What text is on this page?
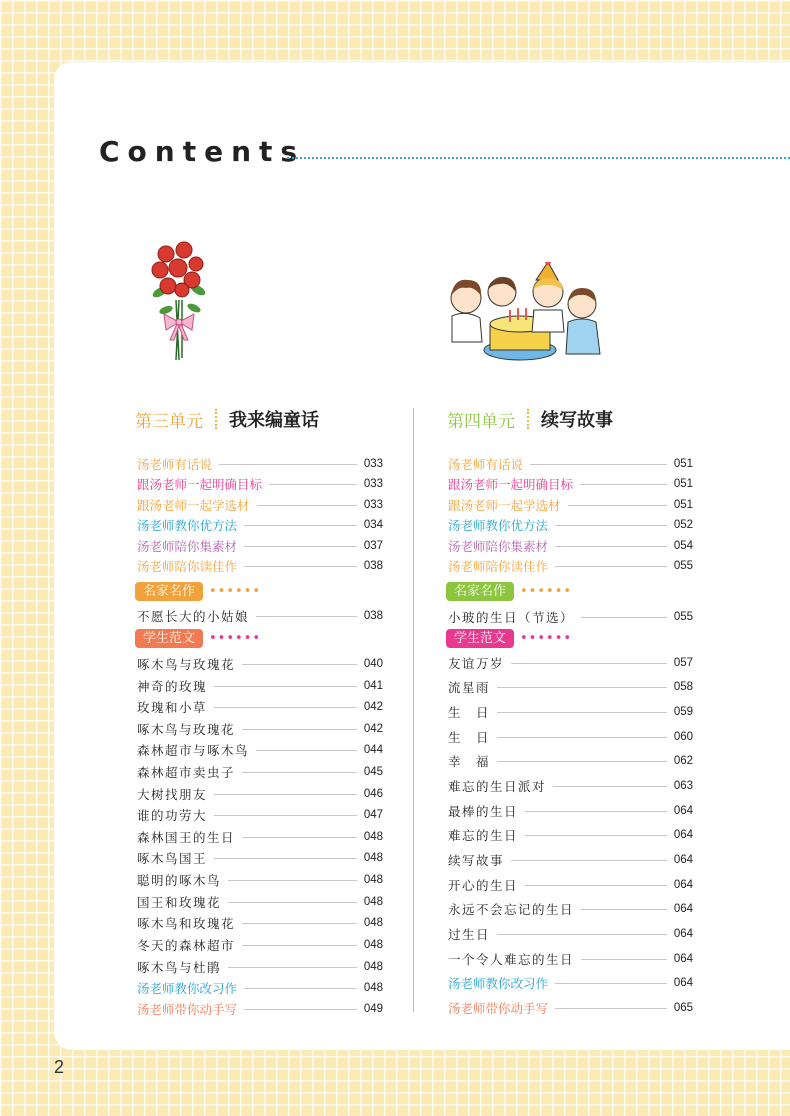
Contents
第三单元 我来编童话	第四单元 续写故事
2
汤老师有话说	033
跟汤老师一起明确目标	033
跟汤老师一起学选材	033
汤老师教你优方法	034
汤老师陪你集素材	037
汤老师陪你读佳作	038
名家名作	••••••
不愿长大的小姑娘	038
学生范文	••••••
啄木鸟与玫瑰花	040
神奇的玫瑰	041
玫瑰和小草	042
啄木鸟与玫瑰花	042
森林超市与啄木鸟	044
森林超市卖虫子	045
大树找朋友	046
谁的功劳大	047
森林国王的生日	048
啄木鸟国王	048
聪明的啄木鸟	048
国王和玫瑰花	048
啄木鸟和玫瑰花	048
冬天的森林超市	048
啄木鸟与杜鹃	048
汤老师教你改习作	048
汤老师带你动手写	049
汤老师有话说	051
跟汤老师一起明确目标	051
跟汤老师一起学选材	051
汤老师教你优方法	052
汤老师陪你集素材	054
汤老师陪你读佳作	055
名家名作	••••••
小玻的生日（节选）	055
学生范文	••••••
友谊万岁	057
流星雨	058
生　日	059
生　日	060
幸　福	062
难忘的生日派对	063
最棒的生日	064
难忘的生日	064
续写故事	064
开心的生日	064
永远不会忘记的生日	064
过生日	064
一个令人难忘的生日	064
汤老师教你改习作	064
汤老师带你动手写	065
